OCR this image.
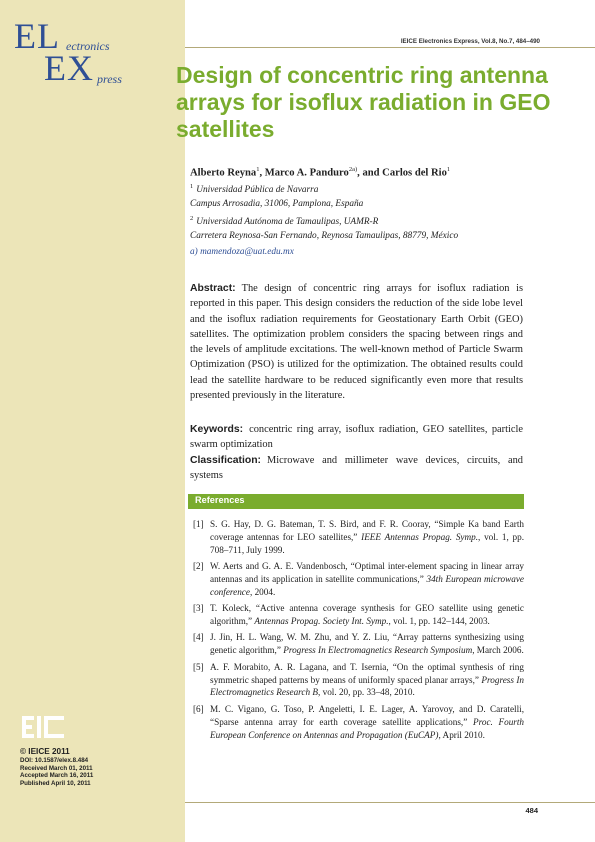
EL ectronics
EX press
IEICE Electronics Express, Vol.8, No.7, 484–490
Design of concentric ring antenna arrays for isoflux radiation in GEO satellites
Alberto Reyna$^1$, Marco A. Panduro$^{2a)}$, and Carlos del Rio$^1$
$^1$ Universidad Pública de Navarra
Campus Arrosadia, 31006, Pamplona, España
$^2$ Universidad Autónoma de Tamaulipas, UAMR-R
Carretera Reynosa-San Fernando, Reynosa Tamaulipas, 88779, México
a) mamendoza@uat.edu.mx
Abstract: The design of concentric ring arrays for isoflux radiation is reported in this paper. This design considers the reduction of the side lobe level and the isoflux radiation requirements for Geostationary Earth Orbit (GEO) satellites. The optimization problem considers the spacing between rings and the levels of amplitude excitations. The well-known method of Particle Swarm Optimization (PSO) is utilized for the optimization. The obtained results could lead the satellite hardware to be reduced significantly even more that results presented previously in the literature.
Keywords: concentric ring array, isoflux radiation, GEO satellites, particle swarm optimization
Classification: Microwave and millimeter wave devices, circuits, and systems
References
[1] S. G. Hay, D. G. Bateman, T. S. Bird, and F. R. Cooray, “Simple Ka band Earth coverage antennas for LEO satellites,” IEEE Antennas Propag. Symp., vol. 1, pp. 708–711, July 1999.
[2] W. Aerts and G. A. E. Vandenbosch, “Optimal inter-element spacing in linear array antennas and its application in satellite communications,” 34th European microwave conference, 2004.
[3] T. Koleck, “Active antenna coverage synthesis for GEO satellite using genetic algorithm,” Antennas Propag. Society Int. Symp., vol. 1, pp. 142–144, 2003.
[4] J. Jin, H. L. Wang, W. M. Zhu, and Y. Z. Liu, “Array patterns synthesizing using genetic algorithm,” Progress In Electromagnetics Research Symposium, March 2006.
[5] A. F. Morabito, A. R. Lagana, and T. Isernia, “On the optimal synthesis of ring symmetric shaped patterns by means of uniformly spaced planar arrays,” Progress In Electromagnetics Research B, vol. 20, pp. 33–48, 2010.
[6] M. C. Vigano, G. Toso, P. Angeletti, I. E. Lager, A. Yarovoy, and D. Caratelli, “Sparse antenna array for earth coverage satellite applications,” Proc. Fourth European Conference on Antennas and Propagation (EuCAP), April 2010.
© IEICE 2011
DOI: 10.1587/elex.8.484
Received March 01, 2011
Accepted March 16, 2011
Published April 10, 2011
484
